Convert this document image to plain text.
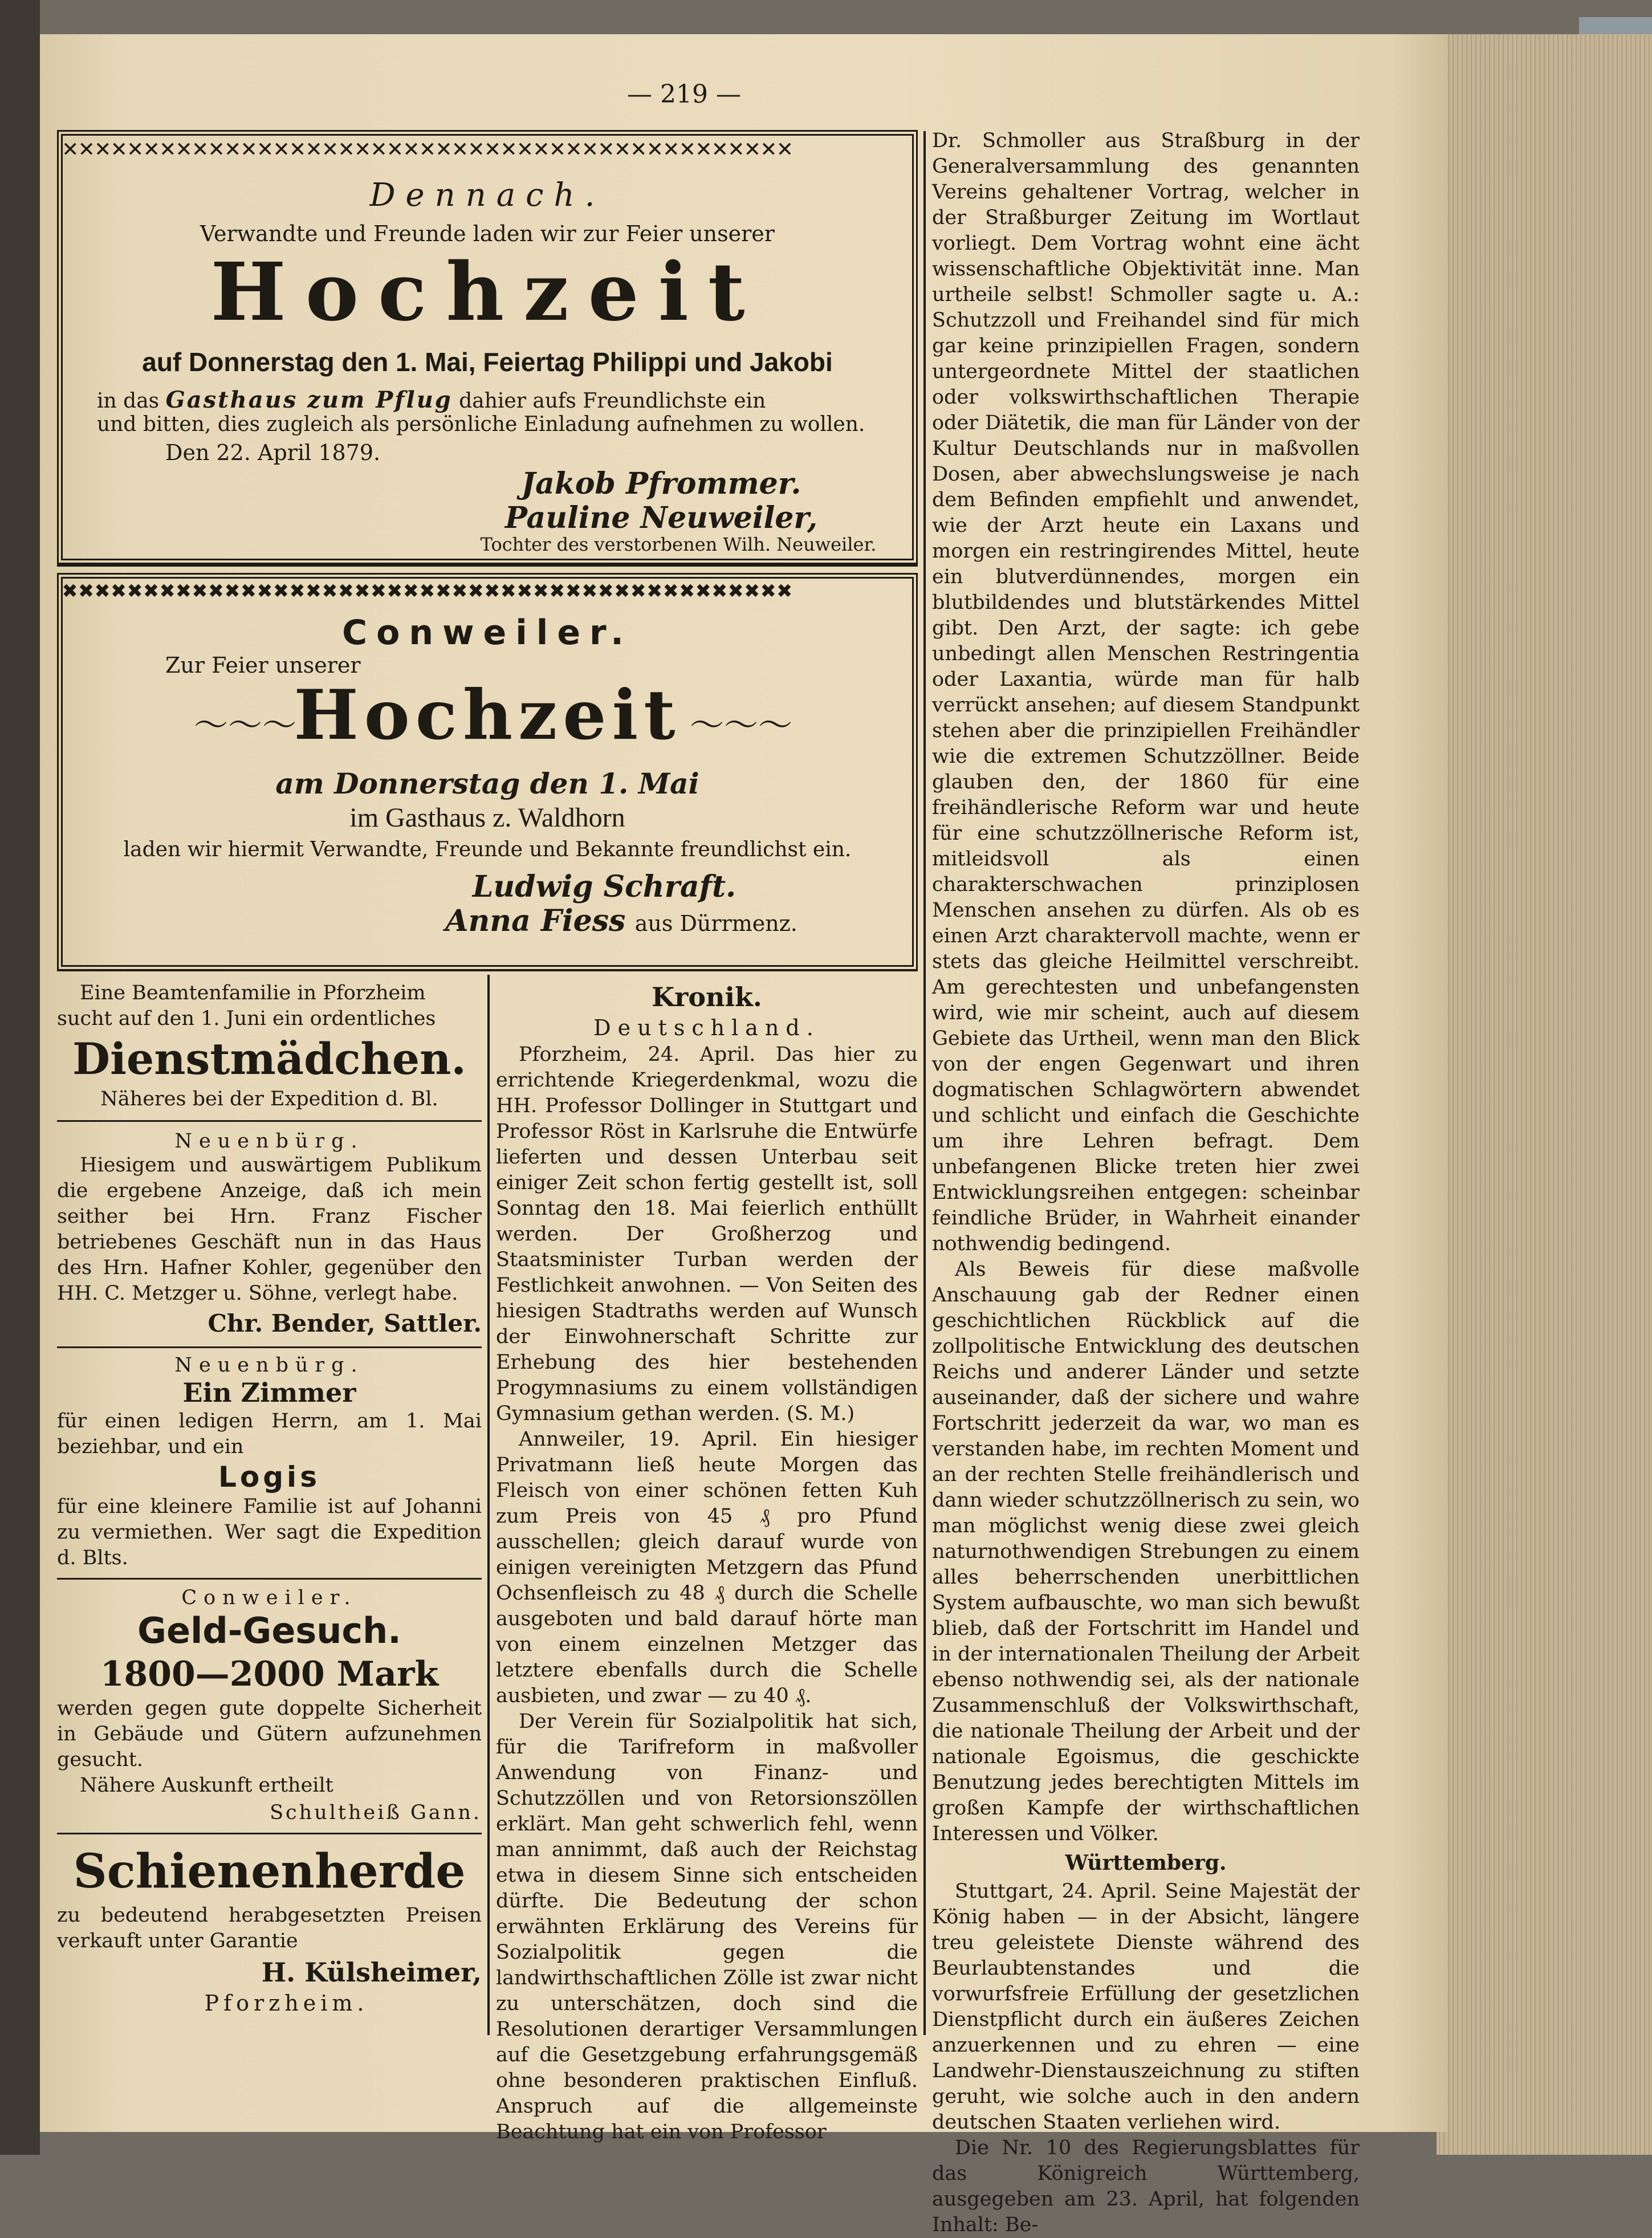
— 219 —
✕✕✕✕✕✕✕✕✕✕✕✕✕✕✕✕✕✕✕✕✕✕✕✕✕✕✕✕✕✕✕✕✕✕✕✕✕✕✕✕✕✕✕✕✕
Dennach.
Verwandte und Freunde laden wir zur Feier unserer
Hochzeit
auf Donnerstag den 1. Mai, Feiertag Philippi und Jakobi
in das Gasthaus zum Pflug dahier aufs Freundlichste ein
und bitten, dies zugleich als persönliche Einladung aufnehmen zu wollen.
Den 22. April 1879.
Jakob Pfrommer.
Pauline Neuweiler,
Tochter des verstorbenen Wilh. Neuweiler.
✖✖✖✖✖✖✖✖✖✖✖✖✖✖✖✖✖✖✖✖✖✖✖✖✖✖✖✖✖✖✖✖✖✖✖✖✖✖✖✖✖✖✖✖✖
Conweiler.
Zur Feier unserer
〜〜〜
Hochzeit 〜〜〜
am Donnerstag den 1. Mai
im Gasthaus z. Waldhorn
laden wir hiermit Verwandte, Freunde und Bekannte freundlichst ein.
Ludwig Schraft.
Anna Fiess aus Dürrmenz.
Eine Beamtenfamilie in Pforzheim
sucht auf den 1. Juni ein ordentliches
Dienstmädchen.
Näheres bei der Expedition d. Bl.
Neuenbürg.
Hiesigem und auswärtigem Publikum die ergebene Anzeige, daß ich mein seither bei Hrn. Franz Fischer betriebenes Geschäft nun in das Haus des Hrn. Hafner Kohler, gegenüber den HH. C. Metzger u. Söhne, verlegt habe.
Chr. Bender, Sattler.
Neuenbürg.
Ein Zimmer
für einen ledigen Herrn, am 1. Mai beziehbar, und ein
Logis
für eine kleinere Familie ist auf Johanni zu vermiethen. Wer sagt die Expedition d. Blts.
Conweiler.
Geld-Gesuch.
1800—2000 Mark
werden gegen gute doppelte Sicherheit in Gebäude und Gütern aufzunehmen gesucht.
Nähere Auskunft ertheilt
Schultheiß Gann.
Schienenherde
zu bedeutend herabgesetzten Preisen verkauft unter Garantie
H. Külsheimer,
Pforzheim.
Kronik.
Deutschland.

Pforzheim, 24. April. Das hier zu errichtende Kriegerdenkmal, wozu die HH. Professor Dollinger in Stuttgart und Professor Röst in Karlsruhe die Entwürfe lieferten und dessen Unterbau seit einiger Zeit schon fertig gestellt ist, soll Sonntag den 18. Mai feierlich enthüllt werden. Der Großherzog und Staatsminister Turban werden der Festlichkeit anwohnen. — Von Seiten des hiesigen Stadtraths werden auf Wunsch der Einwohnerschaft Schritte zur Erhebung des hier bestehenden Progymnasiums zu einem vollständigen Gymnasium gethan werden. (S. M.)

Annweiler, 19. April. Ein hiesiger Privatmann ließ heute Morgen das Fleisch von einer schönen fetten Kuh zum Preis von 45 ₰ pro Pfund ausschellen; gleich darauf wurde von einigen vereinigten Metzgern das Pfund Ochsenfleisch zu 48 ₰ durch die Schelle ausgeboten und bald darauf hörte man von einem einzelnen Metzger das letztere ebenfalls durch die Schelle ausbieten, und zwar — zu 40 ₰.

Der Verein für Sozialpolitik hat sich, für die Tarifreform in maßvoller Anwendung von Finanz- und Schutzzöllen und von Retorsionszöllen erklärt. Man geht schwerlich fehl, wenn man annimmt, daß auch der Reichstag etwa in diesem Sinne sich entscheiden dürfte. Die Bedeutung der schon erwähnten Erklärung des Vereins für Sozialpolitik gegen die landwirthschaftlichen Zölle ist zwar nicht zu unterschätzen, doch sind die Resolutionen derartiger Versammlungen auf die Gesetzgebung erfahrungsgemäß ohne besonderen praktischen Einfluß. Anspruch auf die allgemeinste Beachtung hat ein von Professor

Dr. Schmoller aus Straßburg in der Generalversammlung des genannten Vereins gehaltener Vortrag, welcher in der Straßburger Zeitung im Wortlaut vorliegt. Dem Vortrag wohnt eine ächt wissenschaftliche Objektivität inne. Man urtheile selbst! Schmoller sagte u. A.: Schutzzoll und Freihandel sind für mich gar keine prinzipiellen Fragen, sondern untergeordnete Mittel der staatlichen oder volkswirthschaftlichen Therapie oder Diätetik, die man für Länder von der Kultur Deutschlands nur in maßvollen Dosen, aber abwechslungsweise je nach dem Befinden empfiehlt und anwendet, wie der Arzt heute ein Laxans und morgen ein restringirendes Mittel, heute ein blutverdünnendes, morgen ein blutbildendes und blutstärkendes Mittel gibt. Den Arzt, der sagte: ich gebe unbedingt allen Menschen Restringentia oder Laxantia, würde man für halb verrückt ansehen; auf diesem Standpunkt stehen aber die prinzipiellen Freihändler wie die extremen Schutzzöllner. Beide glauben den, der 1860 für eine freihändlerische Reform war und heute für eine schutzzöllnerische Reform ist, mitleidsvoll als einen charakterschwachen prinziplosen Menschen ansehen zu dürfen. Als ob es einen Arzt charaktervoll machte, wenn er stets das gleiche Heilmittel verschreibt. Am gerechtesten und unbefangensten wird, wie mir scheint, auch auf diesem Gebiete das Urtheil, wenn man den Blick von der engen Gegenwart und ihren dogmatischen Schlagwörtern abwendet und schlicht und einfach die Geschichte um ihre Lehren befragt. Dem unbefangenen Blicke treten hier zwei Entwicklungsreihen entgegen: scheinbar feindliche Brüder, in Wahrheit einander nothwendig bedingend.

Als Beweis für diese maßvolle Anschauung gab der Redner einen geschichtlichen Rückblick auf die zollpolitische Entwicklung des deutschen Reichs und anderer Länder und setzte auseinander, daß der sichere und wahre Fortschritt jederzeit da war, wo man es verstanden habe, im rechten Moment und an der rechten Stelle freihändlerisch und dann wieder schutzzöllnerisch zu sein, wo man möglichst wenig diese zwei gleich naturnothwendigen Strebungen zu einem alles beherrschenden unerbittlichen System aufbauschte, wo man sich bewußt blieb, daß der Fortschritt im Handel und in der internationalen Theilung der Arbeit ebenso nothwendig sei, als der nationale Zusammenschluß der Volkswirthschaft, die nationale Theilung der Arbeit und der nationale Egoismus, die geschickte Benutzung jedes berechtigten Mittels im großen Kampfe der wirthschaftlichen Interessen und Völker.

Württemberg.

Stuttgart, 24. April. Seine Majestät der König haben — in der Absicht, längere treu geleistete Dienste während des Beurlaubtenstandes und die vorwurfsfreie Erfüllung der gesetzlichen Dienstpflicht durch ein äußeres Zeichen anzuerkennen und zu ehren — eine Landwehr-Dienstauszeichnung zu stiften geruht, wie solche auch in den andern deutschen Staaten verliehen wird.

Die Nr. 10 des Regierungsblattes für das Königreich Württemberg, ausgegeben am 23. April, hat folgenden Inhalt: Be-
